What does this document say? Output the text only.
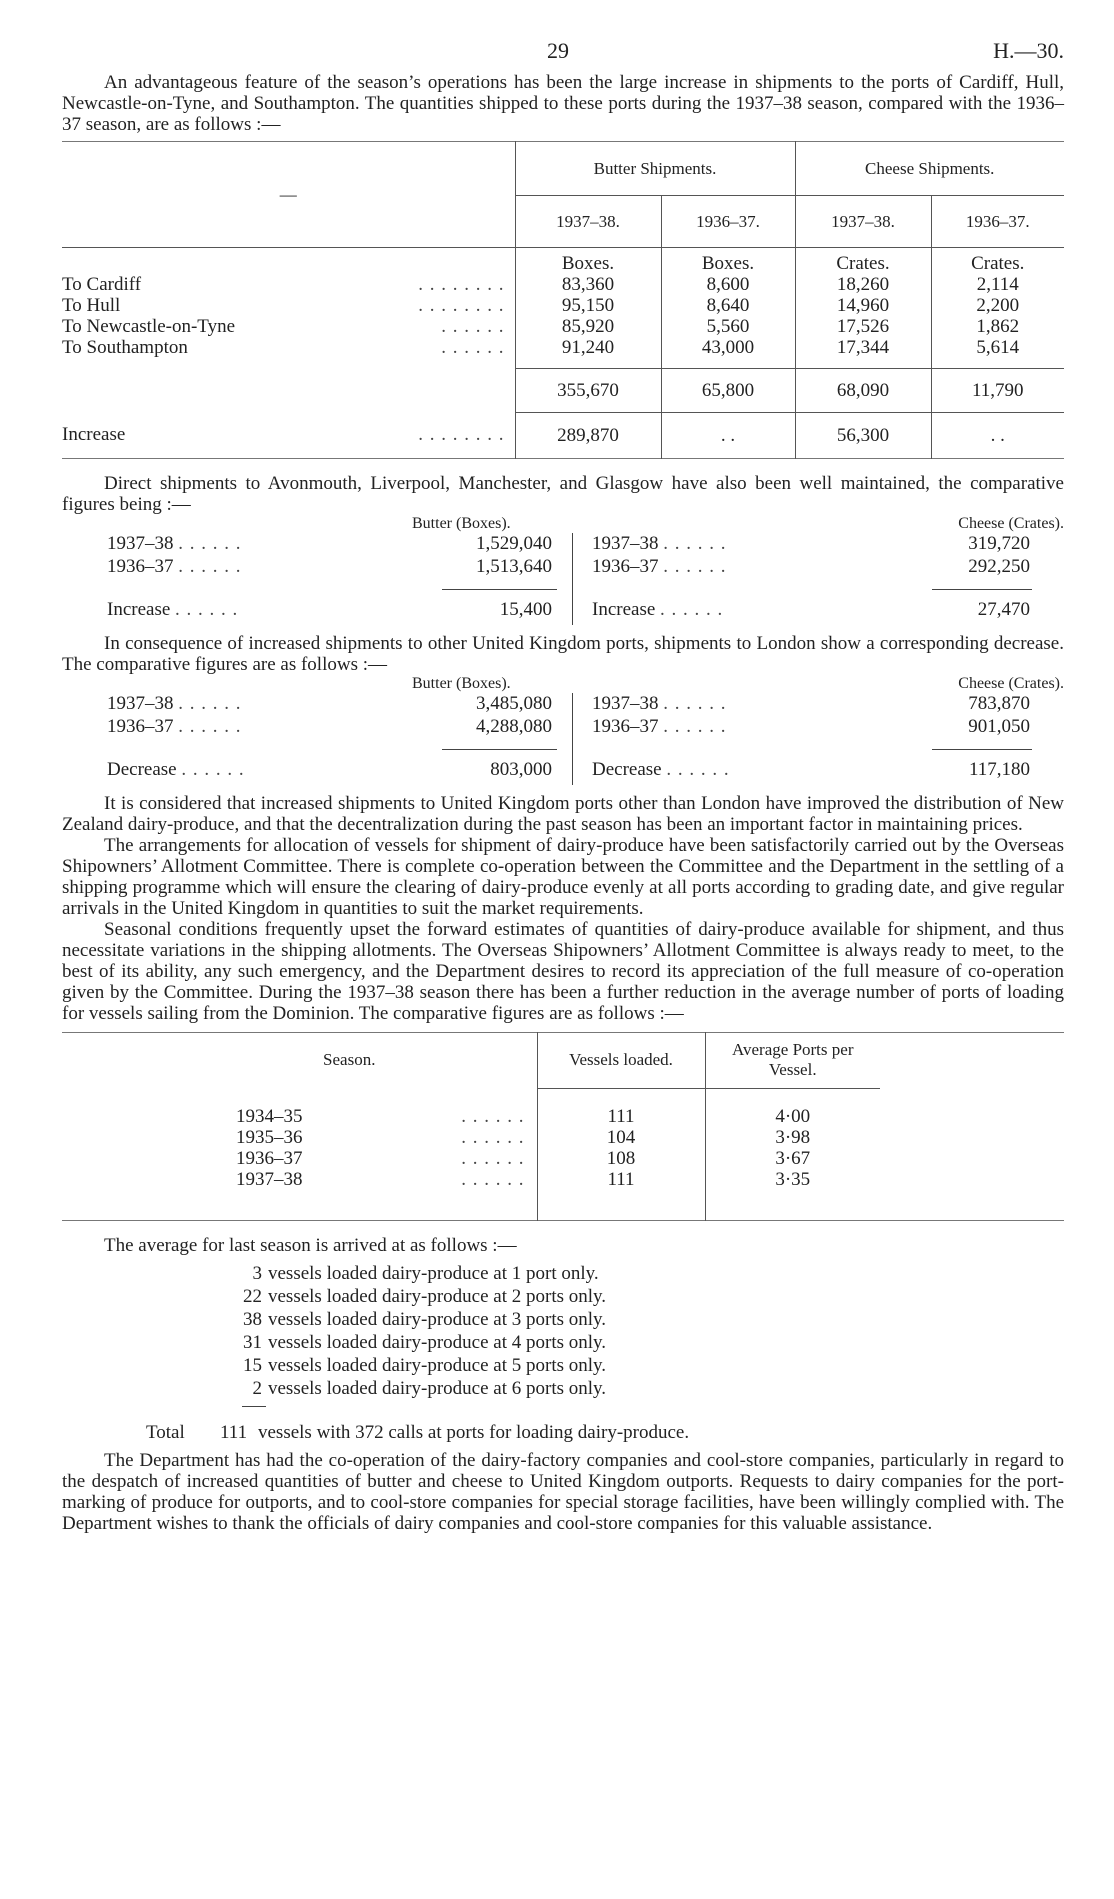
29	H.—30.

An advantageous feature of the season’s operations has been the large increase in shipments to the ports of Cardiff, Hull, Newcastle-on-Tyne, and Southampton. The quantities shipped to these ports during the 1937–38 season, compared with the 1936–37 season, are as follows :—

—	Butter Shipments.		Cheese Shipments.	
	1937–38.	1936–37.	1937–38.	1936–37.
	Boxes.	Boxes.	Crates.	Crates.
To Cardiff . . . . . . . .	83,360	8,600	18,260	2,114
To Hull . . . . . . . .	95,150	8,640	14,960	2,200
To Newcastle-on-Tyne . . . . . .	85,920	5,560	17,526	1,862
To Southampton . . . . . .	91,240	43,000	17,344	5,614
	355,670	65,800	68,090	11,790
Increase . . . . . . . .	289,870	. .	56,300	. .

Direct shipments to Avonmouth, Liverpool, Manchester, and Glasgow have also been well maintained, the comparative figures being :—

Butter (Boxes).
1937–38 . . . . . .	1,529,040
1936–37 . . . . . .	1,513,640
Increase . . . . . .	15,400
Cheese (Crates).
1937–38 . . . . . .	319,720
1936–37 . . . . . .	292,250
Increase . . . . . .	27,470

In consequence of increased shipments to other United Kingdom ports, shipments to London show a corresponding decrease. The comparative figures are as follows :—

Butter (Boxes).
1937–38 . . . . . .	3,485,080
1936–37 . . . . . .	4,288,080
Decrease . . . . . .	803,000
Cheese (Crates).
1937–38 . . . . . .	783,870
1936–37 . . . . . .	901,050
Decrease . . . . . .	117,180

It is considered that increased shipments to United Kingdom ports other than London have improved the distribution of New Zealand dairy-produce, and that the decentralization during the past season has been an important factor in maintaining prices.

The arrangements for allocation of vessels for shipment of dairy-produce have been satisfactorily carried out by the Overseas Shipowners’ Allotment Committee. There is complete co-operation between the Committee and the Department in the settling of a shipping programme which will ensure the clearing of dairy-produce evenly at all ports according to grading date, and give regular arrivals in the United Kingdom in quantities to suit the market requirements.

Seasonal conditions frequently upset the forward estimates of quantities of dairy-produce available for shipment, and thus necessitate variations in the shipping allotments. The Overseas Shipowners’ Allotment Committee is always ready to meet, to the best of its ability, any such emergency, and the Department desires to record its appreciation of the full measure of co-operation given by the Committee. During the 1937–38 season there has been a further reduction in the average number of ports of loading for vessels sailing from the Dominion. The comparative figures are as follows :—

Season.	Vessels loaded.	Average Ports per Vessel.	

1934–35 . . . . . .	111	4·00	
1935–36 . . . . . .	104	3·98	
1936–37 . . . . . .	108	3·67	
1937–38 . . . . . .	111	3·35	

The average for last season is arrived at as follows :—

3 vessels loaded dairy-produce at 1 port only.
22 vessels loaded dairy-produce at 2 ports only.
38 vessels loaded dairy-produce at 3 ports only.
31 vessels loaded dairy-produce at 4 ports only.
15 vessels loaded dairy-produce at 5 ports only.
2 vessels loaded dairy-produce at 6 ports only.
Total 111 vessels with 372 calls at ports for loading dairy-produce.

The Department has had the co-operation of the dairy-factory companies and cool-store companies, particularly in regard to the despatch of increased quantities of butter and cheese to United Kingdom outports. Requests to dairy companies for the port-marking of produce for outports, and to cool-store companies for special storage facilities, have been willingly complied with. The Department wishes to thank the officials of dairy companies and cool-store companies for this valuable assistance.
